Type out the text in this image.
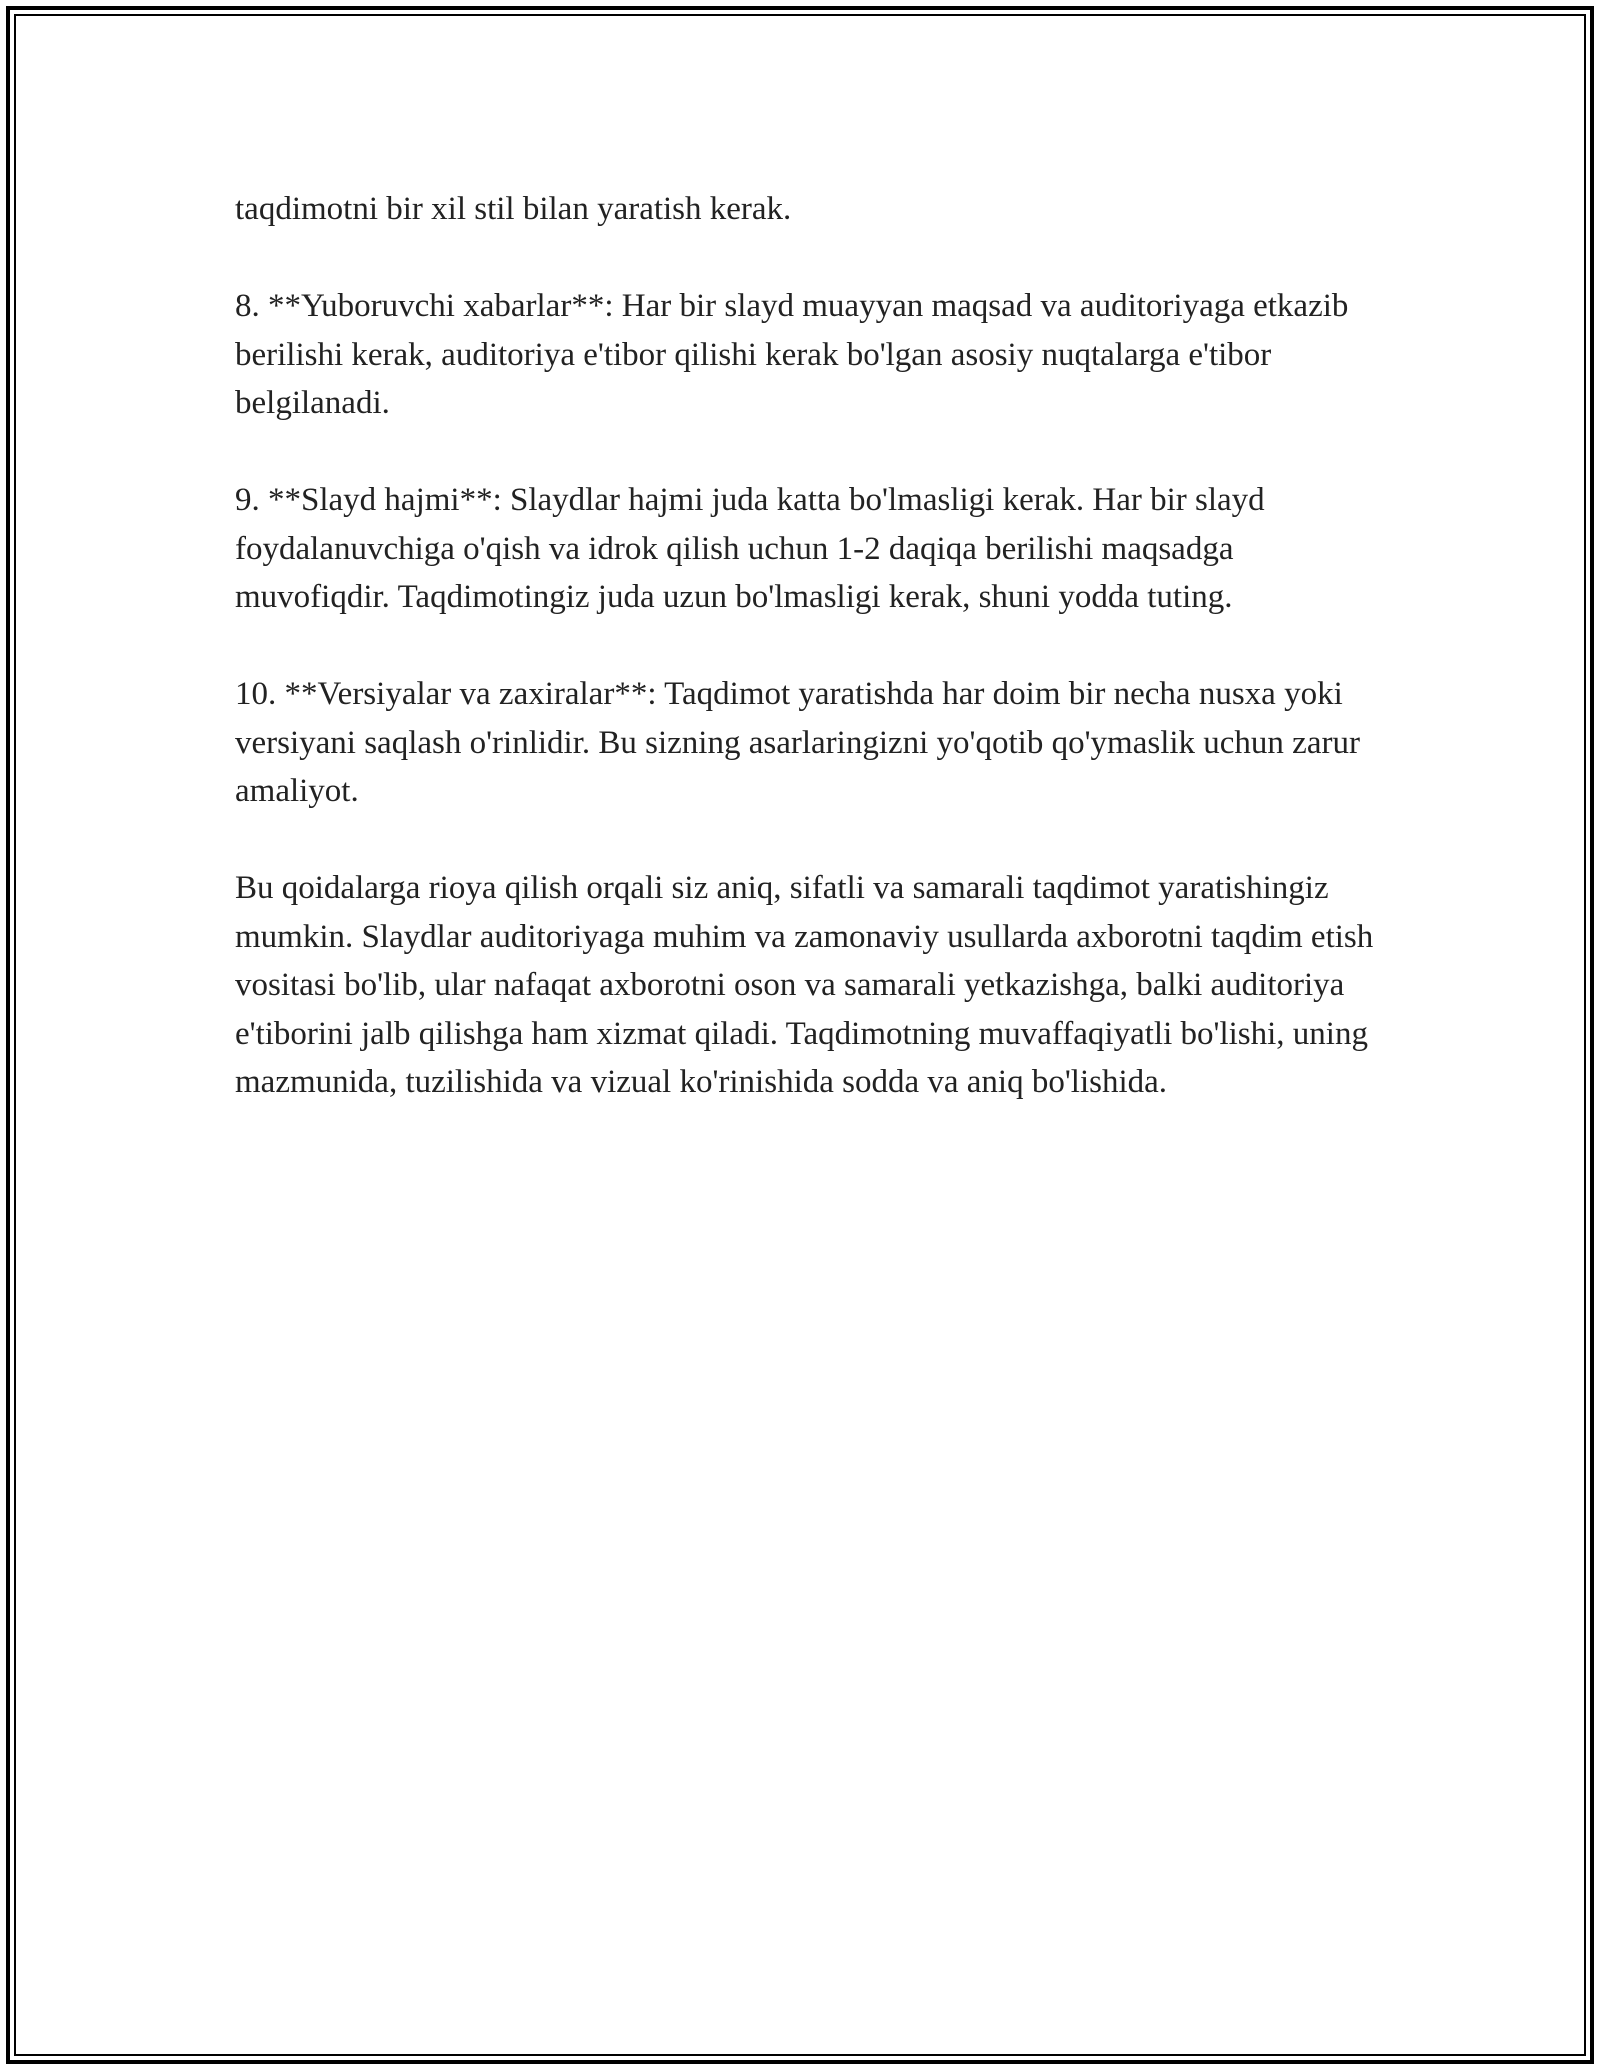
taqdimotni bir xil stil bilan yaratish kerak.

8. **Yuboruvchi xabarlar**: Har bir slayd muayyan maqsad va auditoriyaga etkazib berilishi kerak, auditoriya e'tibor qilishi kerak bo'lgan asosiy nuqtalarga e'tibor belgilanadi.

9. **Slayd hajmi**: Slaydlar hajmi juda katta bo'lmasligi kerak. Har bir slayd foydalanuvchiga o'qish va idrok qilish uchun 1-2 daqiqa berilishi maqsadga muvofiqdir. Taqdimotingiz juda uzun bo'lmasligi kerak, shuni yodda tuting.

10. **Versiyalar va zaxiralar**: Taqdimot yaratishda har doim bir necha nusxa yoki versiyani saqlash o'rinlidir. Bu sizning asarlaringizni yo'qotib qo'ymaslik uchun zarur amaliyot.

Bu qoidalarga rioya qilish orqali siz aniq, sifatli va samarali taqdimot yaratishingiz mumkin. Slaydlar auditoriyaga muhim va zamonaviy usullarda axborotni taqdim etish vositasi bo'lib, ular nafaqat axborotni oson va samarali yetkazishga, balki auditoriya e'tiborini jalb qilishga ham xizmat qiladi. Taqdimotning muvaffaqiyatli bo'lishi, uning mazmunida, tuzilishida va vizual ko'rinishida sodda va aniq bo'lishida.
